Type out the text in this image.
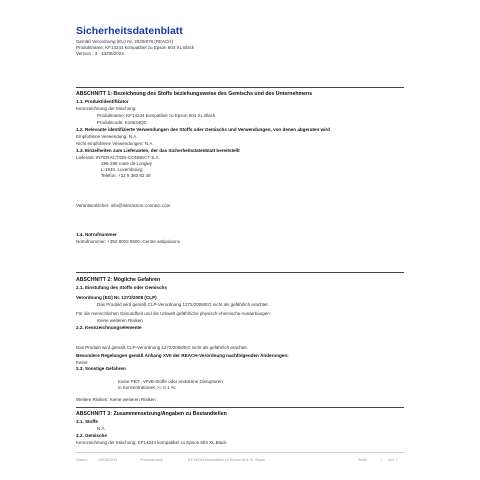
Sicherheitsdatenblatt
Gemäß Verordnung (EU) Nr. 2020/878 (REACH)
Produktname: KF14244 kompatibel zu Epson 604 XL Black
Version : 3 - 13/06/2024
ABSCHNITT 1: Bezeichnung des Stoffs beziehungsweise des Gemischs und des Unternehmens
1.1. Produktidentifikator
Kennzeichnung der Mischung:
Produktname: KF14244 kompatibel zu Epson 604 XL Black
Produktcode: K10634QC
1.2. Relevante identifizierte Verwendungen des Stoffs oder Gemischs und Verwendungen, von denen abgeraten wird
Empfohlene Verwendung: N.A.
Nicht empfohlene Verwendungen: N.A.
1.3. Einzelheiten zum Lieferanten, der das Sicherheitsdatenblatt bereitstellt
Lieferant: INTERACTION-CONNECT S.A
296-298 route de Longwy
L-1940, Luxembourg
Telefon: +32 9 380 82 48
Verantwortlicher: info@interaction-connect.com
1.4. Notrufnummer
Notrufnummer: +352 8002 5500, Centre antipoisons
ABSCHNITT 2: Mögliche Gefahren
2.1. Einstufung des Stoffs oder Gemischs
Verordnung (EG) Nr. 1272/2008 (CLP)
Das Produkt wird gemäß CLP-Verordnung 1272/2008/EG nicht als gefährlich erachtet.
Für die menschlichen Gesundheit und die Umwelt gefährliche physisch-chemische Auswirkungen:
Keine weiteren Risiken
2.2. Kennzeichnungselemente
Das Produkt wird gemäß CLP-Verordnung 1272/2008/EG nicht als gefährlich erachtet.
Besondere Regelungen gemäß Anhang XVII der REACH-Verordnung nachfolgenden Änderungen:
Keine
2.3. Sonstige Gefahren
Keine PBT-, vPvB-Stoffe oder endokrine Disruptoren
in Konzentrationen >= 0.1 %:
Weitere Risiken: Keine weiteren Risiken
ABSCHNITT 3: Zusammensetzung/Angaben zu Bestandteilen
3.1. Stoffe
N.A.
3.2. Gemische
Kennzeichnung der Mischung: KF14244 kompatibel zu Epson 604 XL Black
Datum	13/06/2024	Produktname	KF14244 kompatibel zu Epson 604 XL Black	Seite	| von 7
